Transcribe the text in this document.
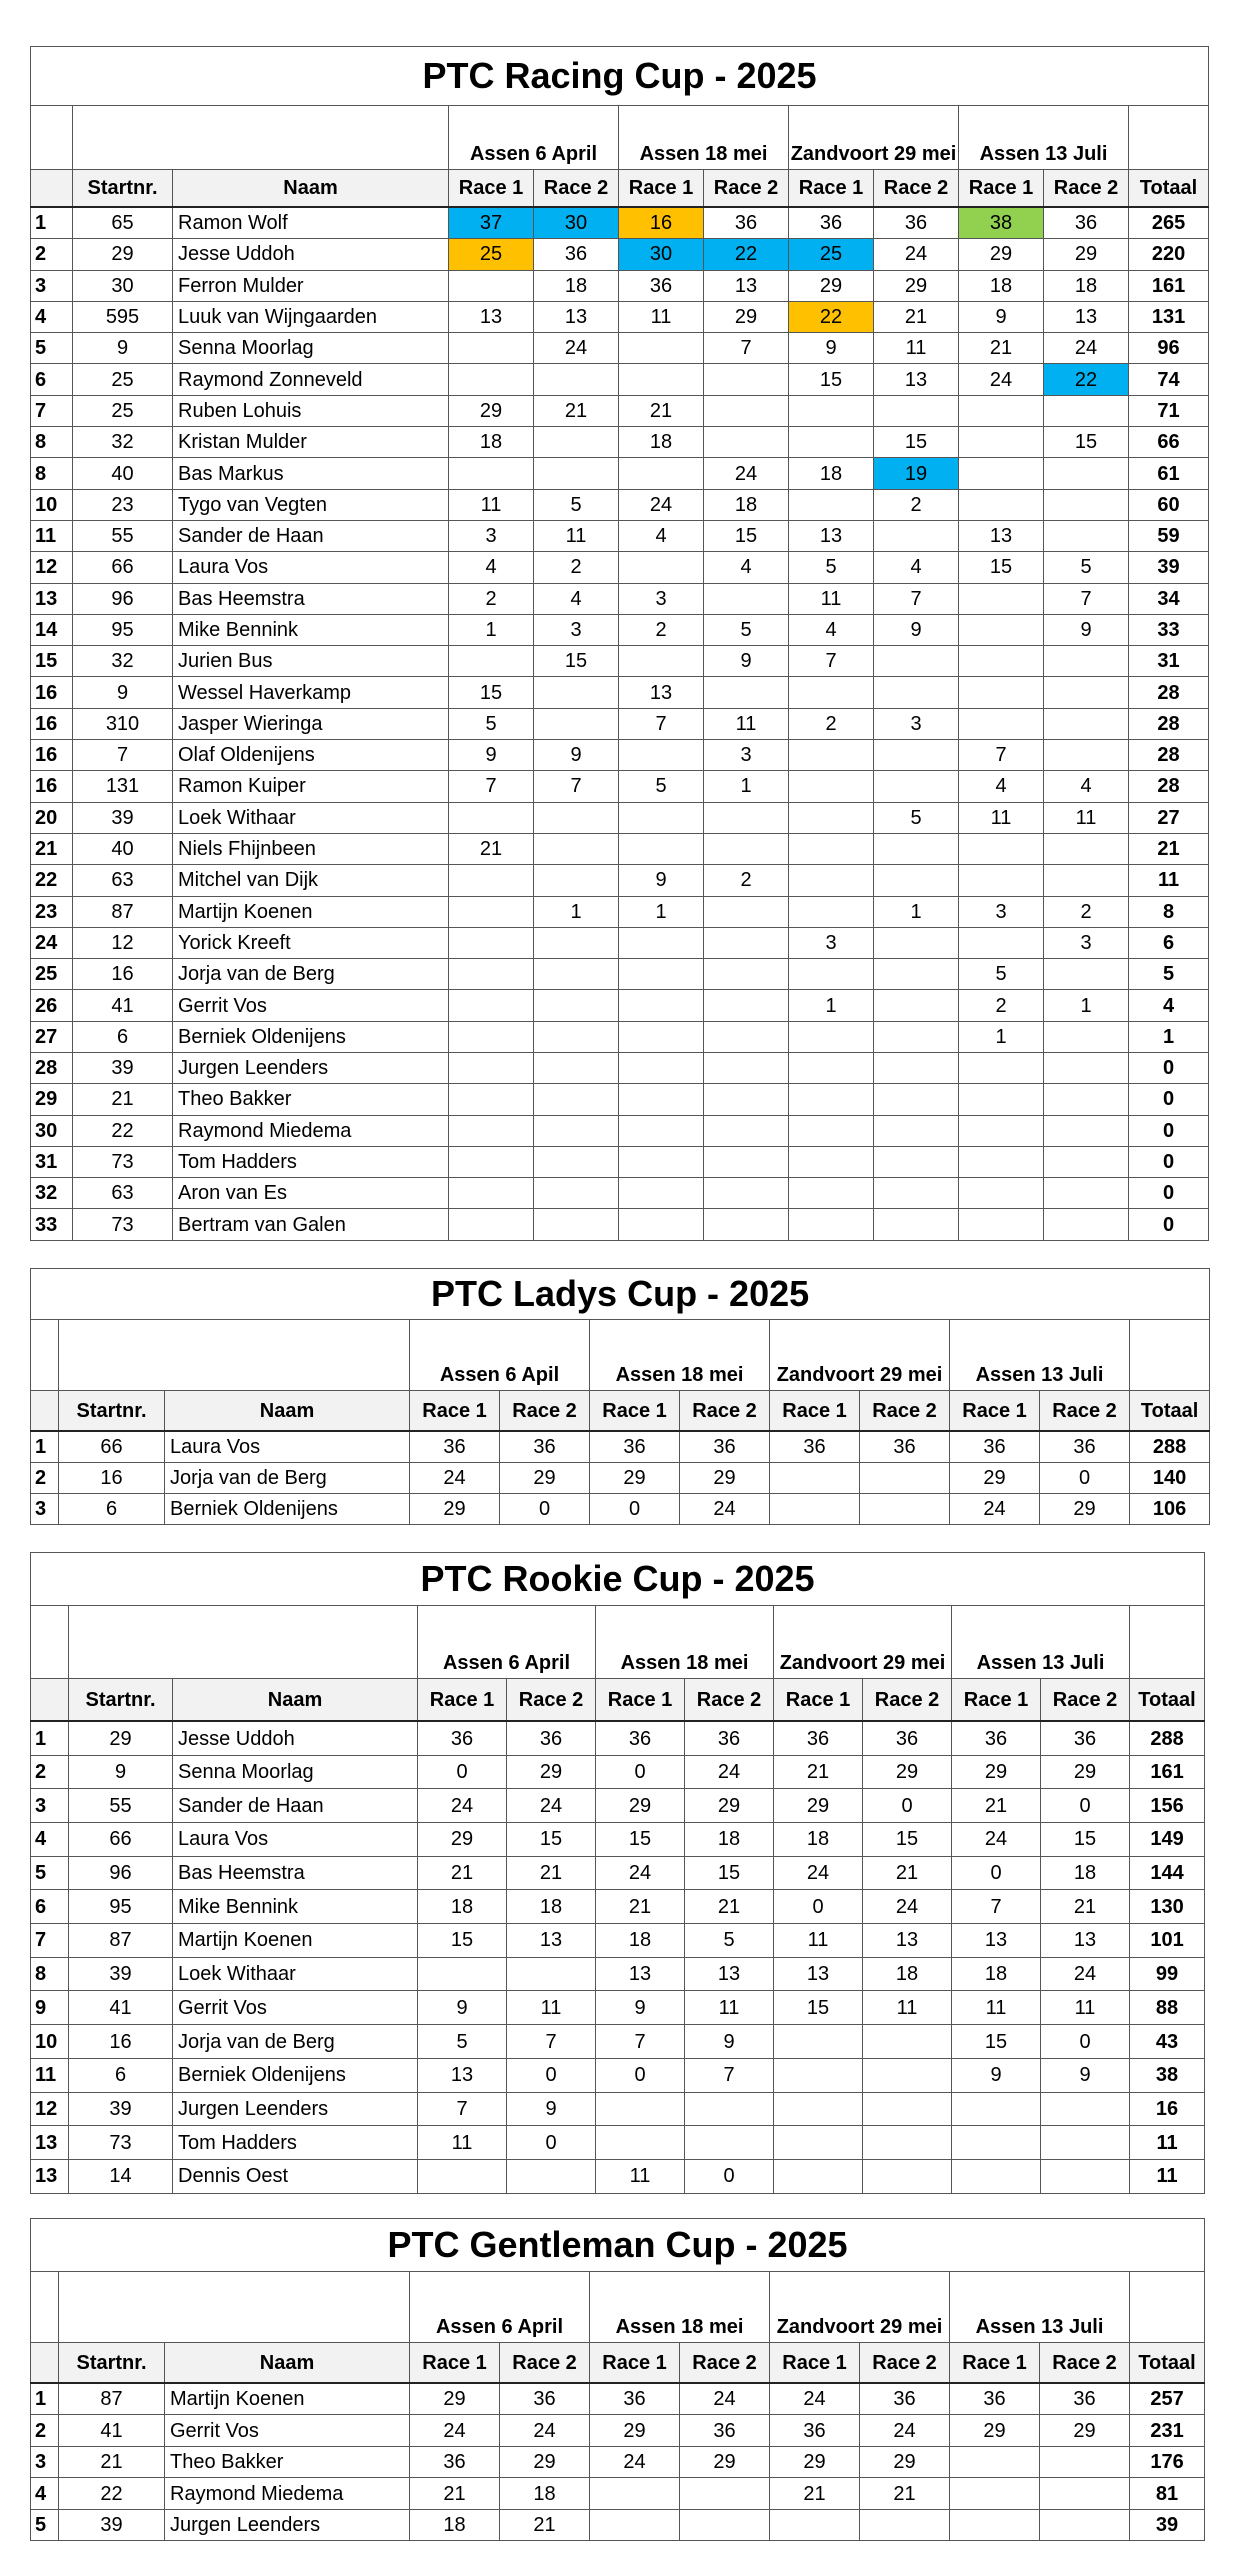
PTC Racing Cup - 2025											
			Assen 6 April		Assen 18 mei		Zandvoort 29 mei		Assen 13 Juli		
	Startnr.	Naam	Race 1	Race 2	Race 1	Race 2	Race 1	Race 2	Race 1	Race 2	Totaal
1	65	Ramon Wolf	37	30	16	36	36	36	38	36	265
2	29	Jesse Uddoh	25	36	30	22	25	24	29	29	220
3	30	Ferron Mulder		18	36	13	29	29	18	18	161
4	595	Luuk van Wijngaarden	13	13	11	29	22	21	9	13	131
5	9	Senna Moorlag		24		7	9	11	21	24	96
6	25	Raymond Zonneveld					15	13	24	22	74
7	25	Ruben Lohuis	29	21	21						71
8	32	Kristan Mulder	18		18			15		15	66
8	40	Bas Markus				24	18	19			61
10	23	Tygo van Vegten	11	5	24	18		2			60
11	55	Sander de Haan	3	11	4	15	13		13		59
12	66	Laura Vos	4	2		4	5	4	15	5	39
13	96	Bas Heemstra	2	4	3		11	7		7	34
14	95	Mike Bennink	1	3	2	5	4	9		9	33
15	32	Jurien Bus		15		9	7				31
16	9	Wessel Haverkamp	15		13						28
16	310	Jasper Wieringa	5		7	11	2	3			28
16	7	Olaf Oldenijens	9	9		3			7		28
16	131	Ramon Kuiper	7	7	5	1			4	4	28
20	39	Loek Withaar						5	11	11	27
21	40	Niels Fhijnbeen	21								21
22	63	Mitchel van Dijk			9	2					11
23	87	Martijn Koenen		1	1			1	3	2	8
24	12	Yorick Kreeft					3			3	6
25	16	Jorja van de Berg							5		5
26	41	Gerrit Vos					1		2	1	4
27	6	Berniek Oldenijens							1		1
28	39	Jurgen Leenders									0
29	21	Theo Bakker									0
30	22	Raymond Miedema									0
31	73	Tom Hadders									0
32	63	Aron van Es									0
33	73	Bertram van Galen									0
PTC Ladys Cup - 2025											
			Assen 6 Apil		Assen 18 mei		Zandvoort 29 mei		Assen 13 Juli		
	Startnr.	Naam	Race 1	Race 2	Race 1	Race 2	Race 1	Race 2	Race 1	Race 2	Totaal
1	66	Laura Vos	36	36	36	36	36	36	36	36	288
2	16	Jorja van de Berg	24	29	29	29			29	0	140
3	6	Berniek Oldenijens	29	0	0	24			24	29	106
PTC Rookie Cup - 2025											
			Assen 6 April		Assen 18 mei		Zandvoort 29 mei		Assen 13 Juli		
	Startnr.	Naam	Race 1	Race 2	Race 1	Race 2	Race 1	Race 2	Race 1	Race 2	Totaal
1	29	Jesse Uddoh	36	36	36	36	36	36	36	36	288
2	9	Senna Moorlag	0	29	0	24	21	29	29	29	161
3	55	Sander de Haan	24	24	29	29	29	0	21	0	156
4	66	Laura Vos	29	15	15	18	18	15	24	15	149
5	96	Bas Heemstra	21	21	24	15	24	21	0	18	144
6	95	Mike Bennink	18	18	21	21	0	24	7	21	130
7	87	Martijn Koenen	15	13	18	5	11	13	13	13	101
8	39	Loek Withaar			13	13	13	18	18	24	99
9	41	Gerrit Vos	9	11	9	11	15	11	11	11	88
10	16	Jorja van de Berg	5	7	7	9			15	0	43
11	6	Berniek Oldenijens	13	0	0	7			9	9	38
12	39	Jurgen Leenders	7	9							16
13	73	Tom Hadders	11	0							11
13	14	Dennis Oest			11	0					11
PTC Gentleman Cup - 2025											
			Assen 6 April		Assen 18 mei		Zandvoort 29 mei		Assen 13 Juli		
	Startnr.	Naam	Race 1	Race 2	Race 1	Race 2	Race 1	Race 2	Race 1	Race 2	Totaal
1	87	Martijn Koenen	29	36	36	24	24	36	36	36	257
2	41	Gerrit Vos	24	24	29	36	36	24	29	29	231
3	21	Theo Bakker	36	29	24	29	29	29			176
4	22	Raymond Miedema	21	18			21	21			81
5	39	Jurgen Leenders	18	21							39
